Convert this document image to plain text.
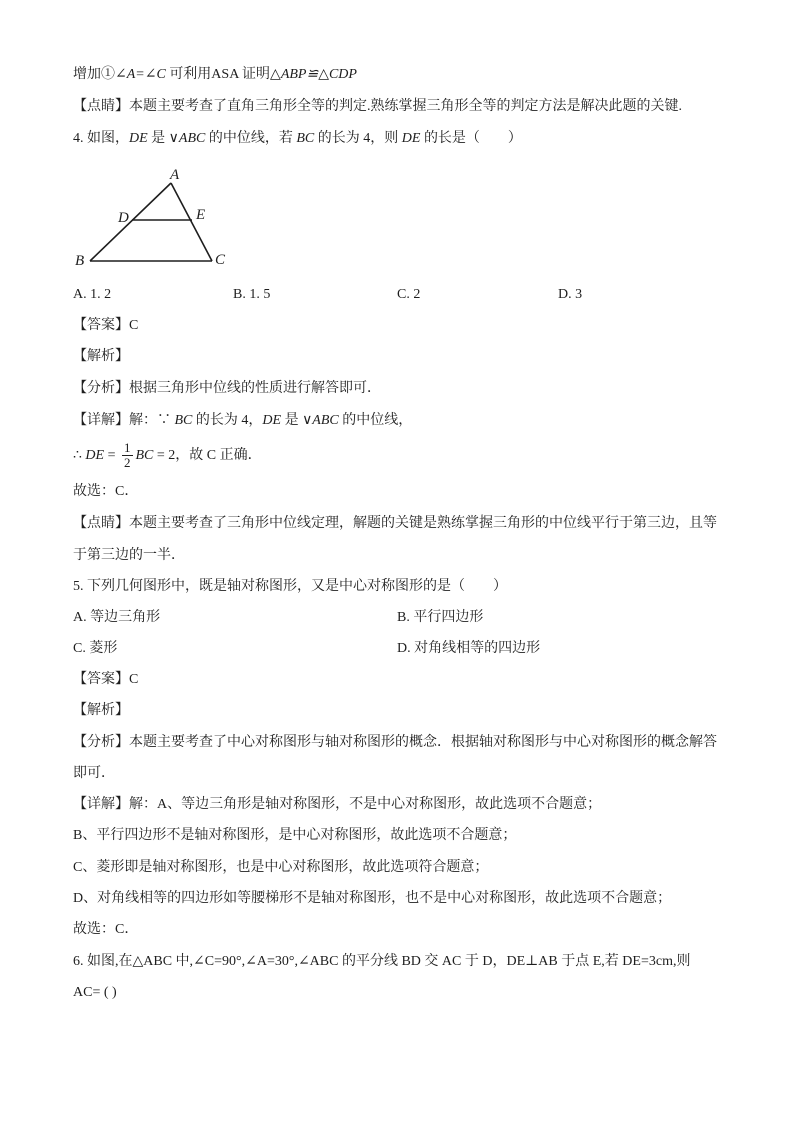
增加①∠A=∠C 可利用ASA 证明△ABP≌△CDP
【点睛】本题主要考查了直角三角形全等的判定.熟练掌握三角形全等的判定方法是解决此题的关键.
4. 如图，DE 是 ∨ABC 的中位线，若 BC 的长为 4，则 DE 的长是（　　）
A
D	E
B	C
A. 1. 2	B. 1. 5	C. 2	D. 3
【答案】C
【解析】
【分析】根据三角形中位线的性质进行解答即可．
【详解】解：∵ BC 的长为 4，DE 是 ∨ABC 的中位线，
∴ DE = $\frac{1}{2}$ BC = 2，故 C 正确．
故选：C．
【点睛】本题主要考查了三角形中位线定理，解题的关键是熟练掌握三角形的中位线平行于第三边，且等
于第三边的一半．
5. 下列几何图形中，既是轴对称图形，又是中心对称图形的是（　　）
A. 等边三角形	B. 平行四边形
C. 菱形	D. 对角线相等的四边形
【答案】C
【解析】
【分析】本题主要考查了中心对称图形与轴对称图形的概念．根据轴对称图形与中心对称图形的概念解答
即可．
【详解】解：A、等边三角形是轴对称图形，不是中心对称图形，故此选项不合题意；
B、平行四边形不是轴对称图形，是中心对称图形，故此选项不合题意；
C、菱形即是轴对称图形，也是中心对称图形，故此选项符合题意；
D、对角线相等的四边形如等腰梯形不是轴对称图形，也不是中心对称图形，故此选项不合题意；
故选：C．
6. 如图,在△ABC 中,∠C=90°,∠A=30°,∠ABC 的平分线 BD 交 AC 于 D，DE⊥AB 于点 E,若 DE=3cm,则
AC= ( )
